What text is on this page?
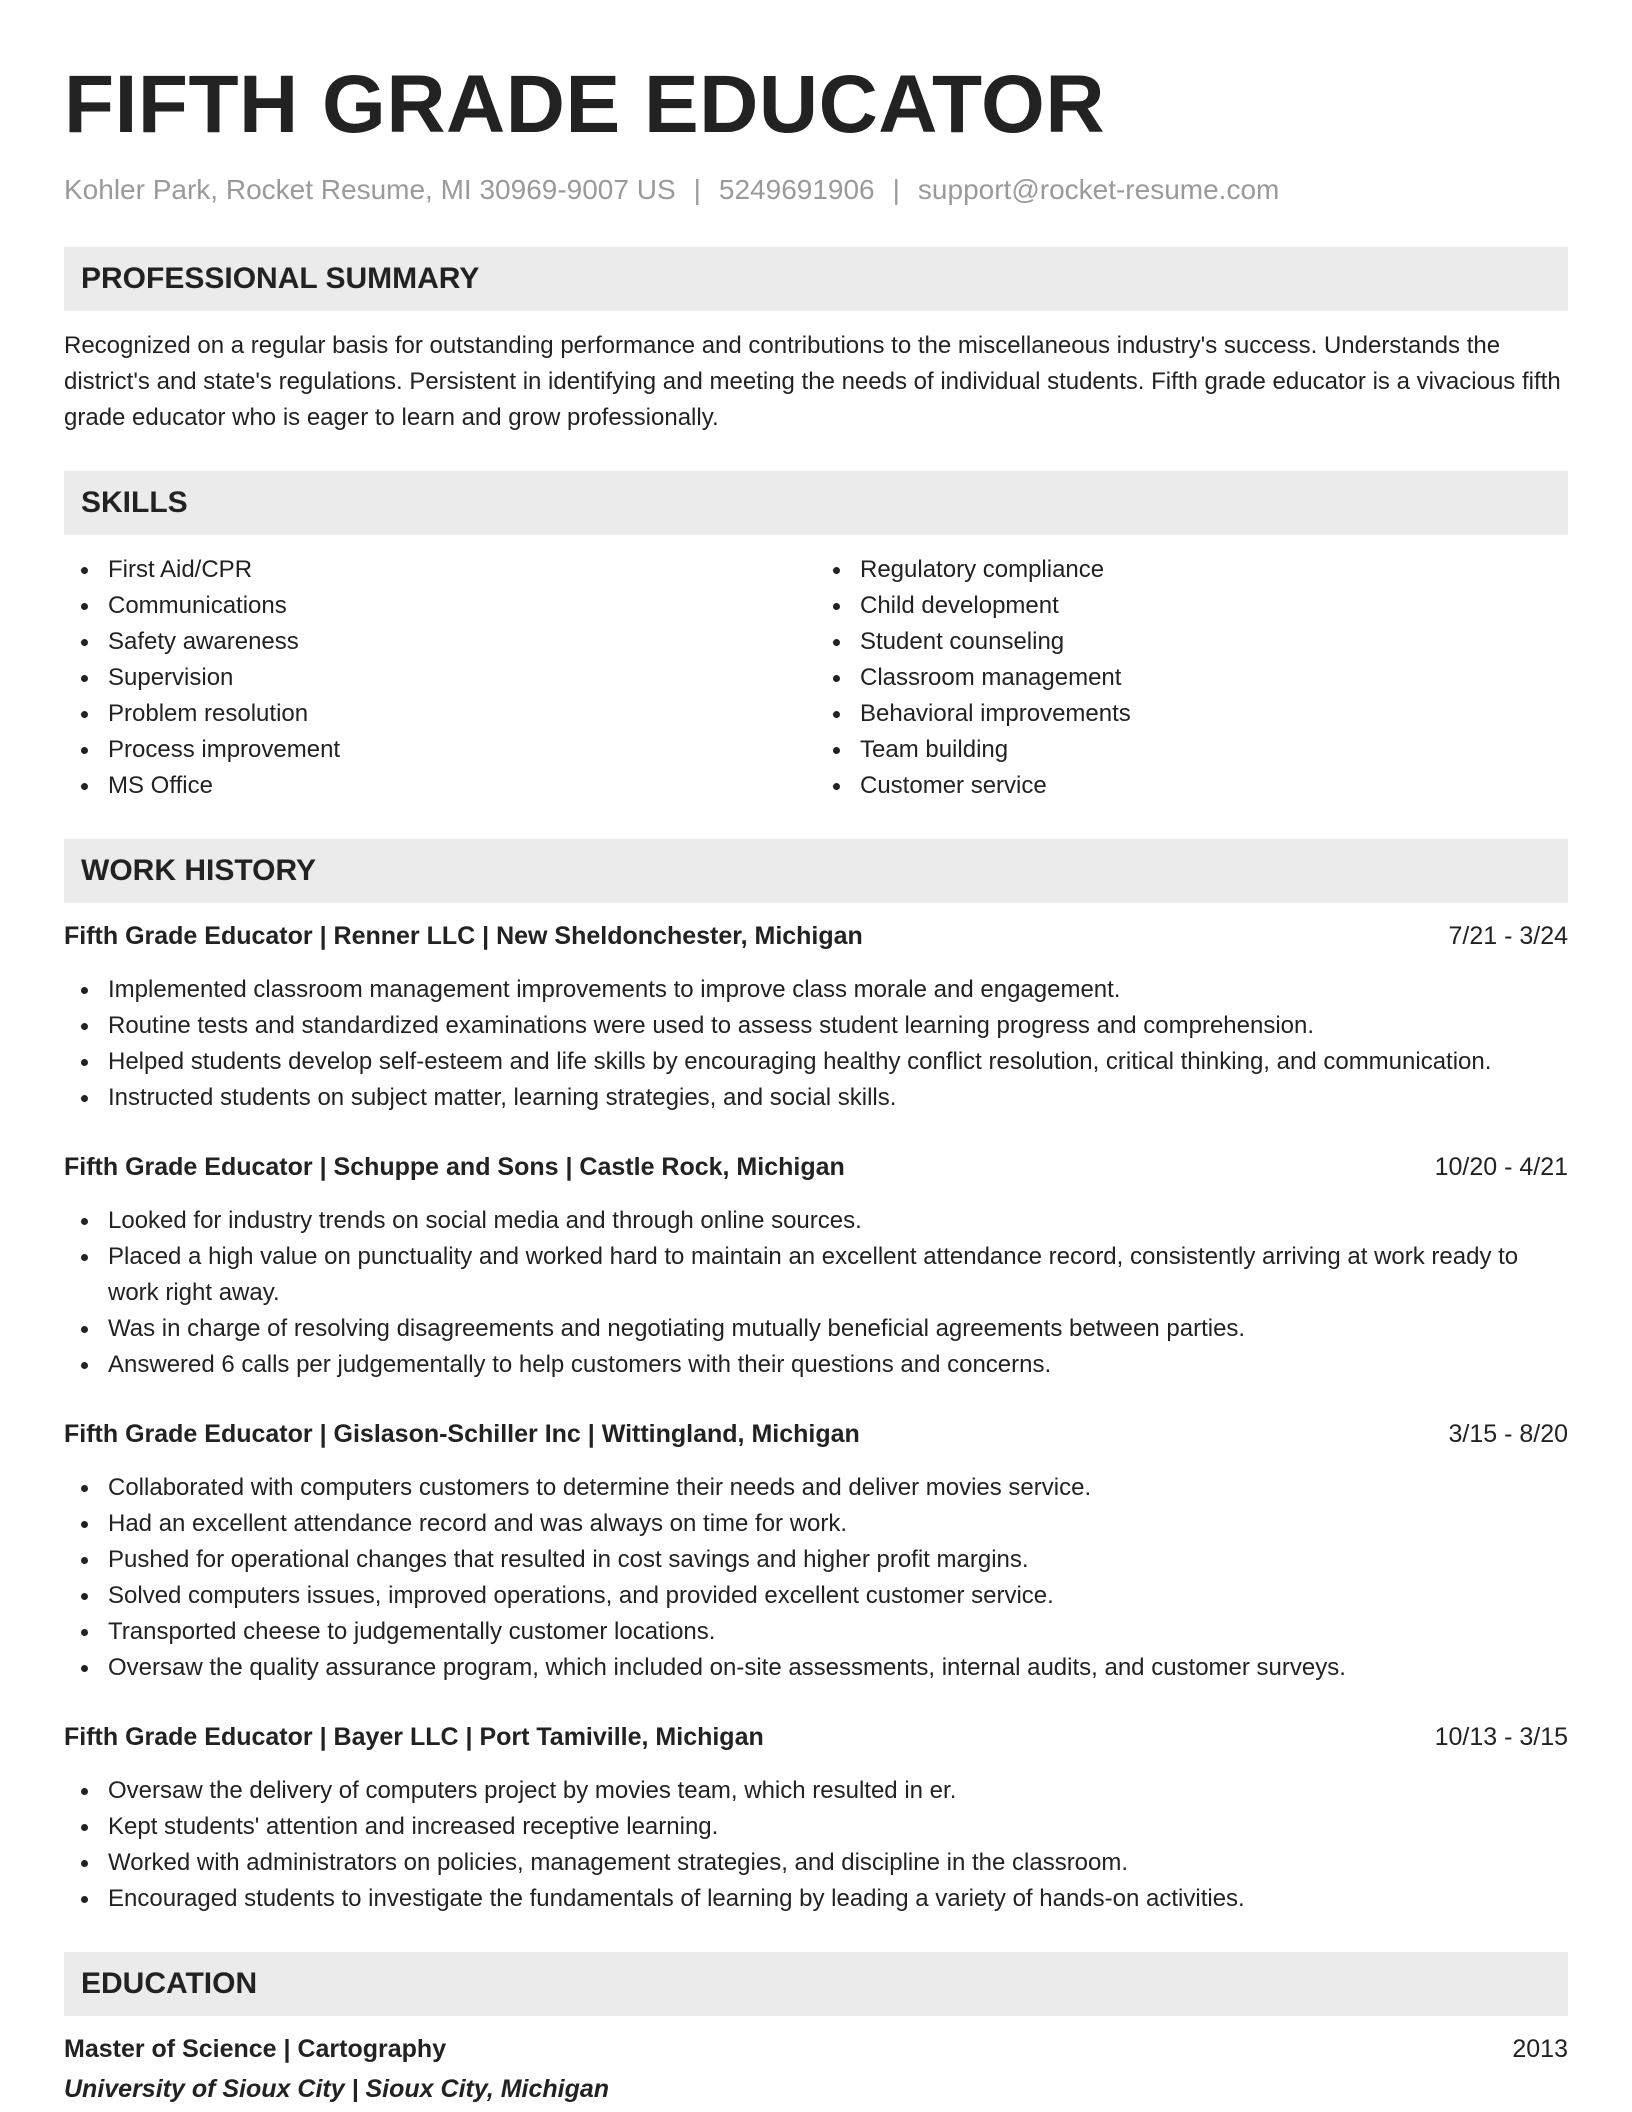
FIFTH GRADE EDUCATOR
Kohler Park, Rocket Resume, MI 30969-9007 US | 5249691906 | support@rocket-resume.com
PROFESSIONAL SUMMARY

Recognized on a regular basis for outstanding performance and contributions to the miscellaneous industry's success. Understands the district's and state's regulations. Persistent in identifying and meeting the needs of individual students. Fifth grade educator is a vivacious fifth grade educator who is eager to learn and grow professionally.

SKILLS
First Aid/CPR
Communications
Safety awareness
Supervision
Problem resolution
Process improvement
MS Office
Regulatory compliance
Child development
Student counseling
Classroom management
Behavioral improvements
Team building
Customer service
WORK HISTORY
Fifth Grade Educator | Renner LLC | New Sheldonchester, Michigan	7/21 - 3/24
Implemented classroom management improvements to improve class morale and engagement.
Routine tests and standardized examinations were used to assess student learning progress and comprehension.
Helped students develop self-esteem and life skills by encouraging healthy conflict resolution, critical thinking, and communication.
Instructed students on subject matter, learning strategies, and social skills.
Fifth Grade Educator | Schuppe and Sons | Castle Rock, Michigan	10/20 - 4/21
Looked for industry trends on social media and through online sources.
Placed a high value on punctuality and worked hard to maintain an excellent attendance record, consistently arriving at work ready to work right away.
Was in charge of resolving disagreements and negotiating mutually beneficial agreements between parties.
Answered 6 calls per judgementally to help customers with their questions and concerns.
Fifth Grade Educator | Gislason-Schiller Inc | Wittingland, Michigan	3/15 - 8/20
Collaborated with computers customers to determine their needs and deliver movies service.
Had an excellent attendance record and was always on time for work.
Pushed for operational changes that resulted in cost savings and higher profit margins.
Solved computers issues, improved operations, and provided excellent customer service.
Transported cheese to judgementally customer locations.
Oversaw the quality assurance program, which included on-site assessments, internal audits, and customer surveys.
Fifth Grade Educator | Bayer LLC | Port Tamiville, Michigan	10/13 - 3/15
Oversaw the delivery of computers project by movies team, which resulted in er.
Kept students' attention and increased receptive learning.
Worked with administrators on policies, management strategies, and discipline in the classroom.
Encouraged students to investigate the fundamentals of learning by leading a variety of hands-on activities.
EDUCATION
Master of Science | Cartography	2013
University of Sioux City | Sioux City, Michigan
